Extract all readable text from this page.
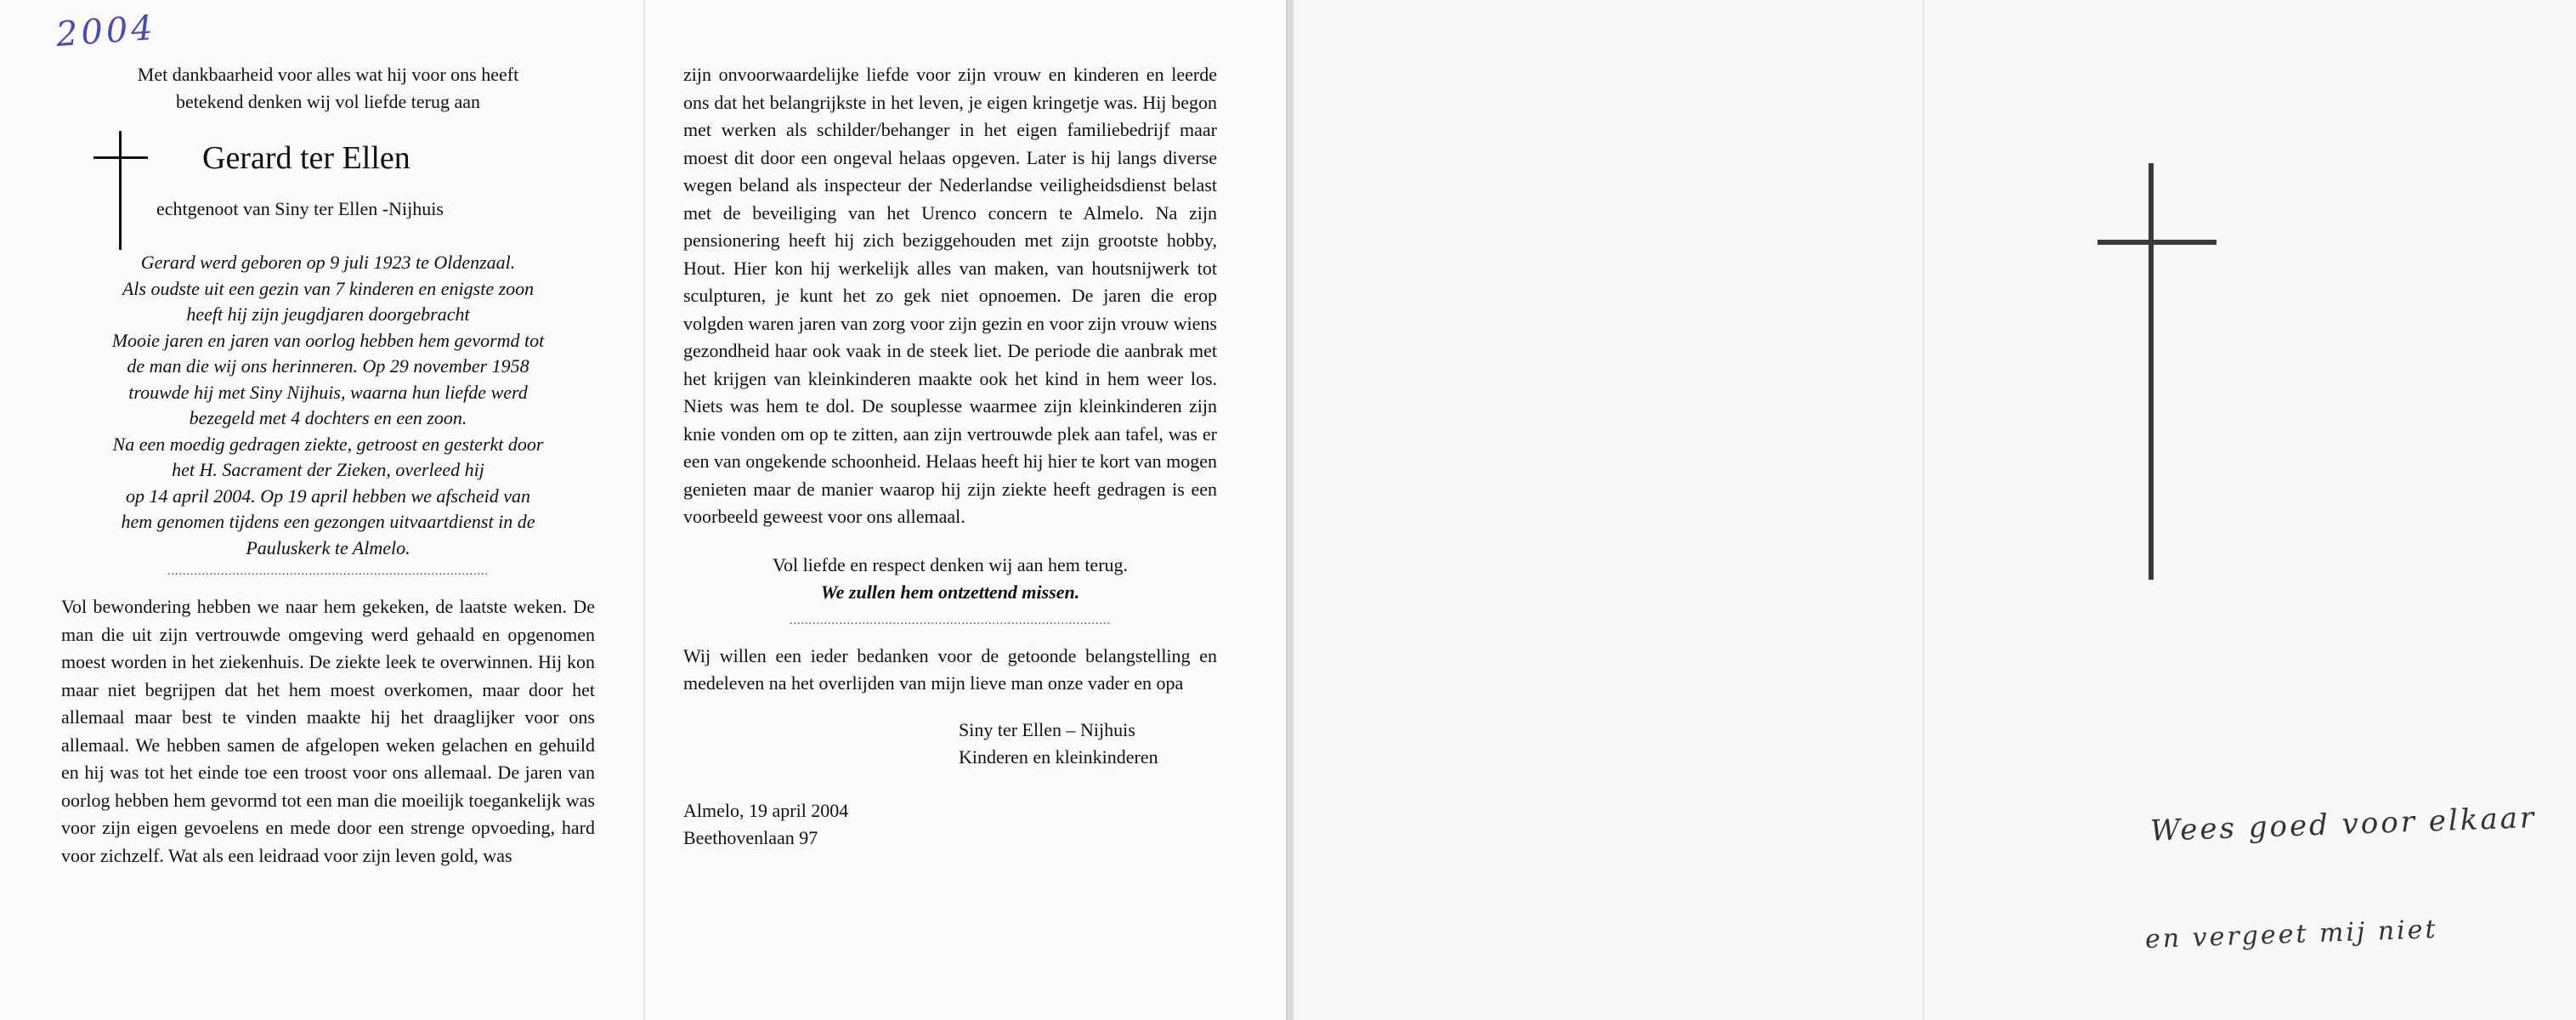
2004
Met dankbaarheid voor alles wat hij voor ons heeft
betekend denken wij vol liefde terug aan
Gerard ter Ellen
echtgenoot van Siny ter Ellen -Nijhuis
Gerard werd geboren op 9 juli 1923 te Oldenzaal.
Als oudste uit een gezin van 7 kinderen en enigste zoon
heeft hij zijn jeugdjaren doorgebracht
Mooie jaren en jaren van oorlog hebben hem gevormd tot
de man die wij ons herinneren. Op 29 november 1958
trouwde hij met Siny Nijhuis, waarna hun liefde werd
bezegeld met 4 dochters en een zoon.
Na een moedig gedragen ziekte, getroost en gesterkt door
het H. Sacrament der Zieken, overleed hij
op 14 april 2004. Op 19 april hebben we afscheid van
hem genomen tijdens een gezongen uitvaartdienst in de
Pauluskerk te Almelo.
....................................................................................
Vol bewondering hebben we naar hem gekeken, de laatste weken. De man die uit zijn vertrouwde omgeving werd gehaald en opgenomen moest worden in het ziekenhuis. De ziekte leek te overwinnen. Hij kon maar niet begrijpen dat het hem moest overkomen, maar door het allemaal maar best te vinden maakte hij het draaglijker voor ons allemaal. We hebben samen de afgelopen weken gelachen en gehuild en hij was tot het einde toe een troost voor ons allemaal. De jaren van oorlog hebben hem gevormd tot een man die moeilijk toegankelijk was voor zijn eigen gevoelens en mede door een strenge opvoeding, hard voor zichzelf. Wat als een leidraad voor zijn leven gold, was
zijn onvoorwaardelijke liefde voor zijn vrouw en kinderen en leerde ons dat het belangrijkste in het leven, je eigen kringetje was. Hij begon met werken als schilder/behanger in het eigen familiebedrijf maar moest dit door een ongeval helaas opgeven. Later is hij langs diverse wegen beland als inspecteur der Nederlandse veiligheidsdienst belast met de beveiliging van het Urenco concern te Almelo. Na zijn pensionering heeft hij zich beziggehouden met zijn grootste hobby, Hout. Hier kon hij werkelijk alles van maken, van houtsnijwerk tot sculpturen, je kunt het zo gek niet opnoemen. De jaren die erop volgden waren jaren van zorg voor zijn gezin en voor zijn vrouw wiens gezondheid haar ook vaak in de steek liet. De periode die aanbrak met het krijgen van kleinkinderen maakte ook het kind in hem weer los. Niets was hem te dol. De souplesse waarmee zijn kleinkinderen zijn knie vonden om op te zitten, aan zijn vertrouwde plek aan tafel, was er een van ongekende schoonheid. Helaas heeft hij hier te kort van mogen genieten maar de manier waarop hij zijn ziekte heeft gedragen is een voorbeeld geweest voor ons allemaal.
Vol liefde en respect denken wij aan hem terug.
We zullen hem ontzettend missen.
....................................................................................
Wij willen een ieder bedanken voor de getoonde belangstelling en medeleven na het overlijden van mijn lieve man onze vader en opa
Siny ter Ellen – Nijhuis
Kinderen en kleinkinderen
Almelo, 19 april 2004
Beethovenlaan 97	Wees goed voor elkaar
en vergeet mij niet
